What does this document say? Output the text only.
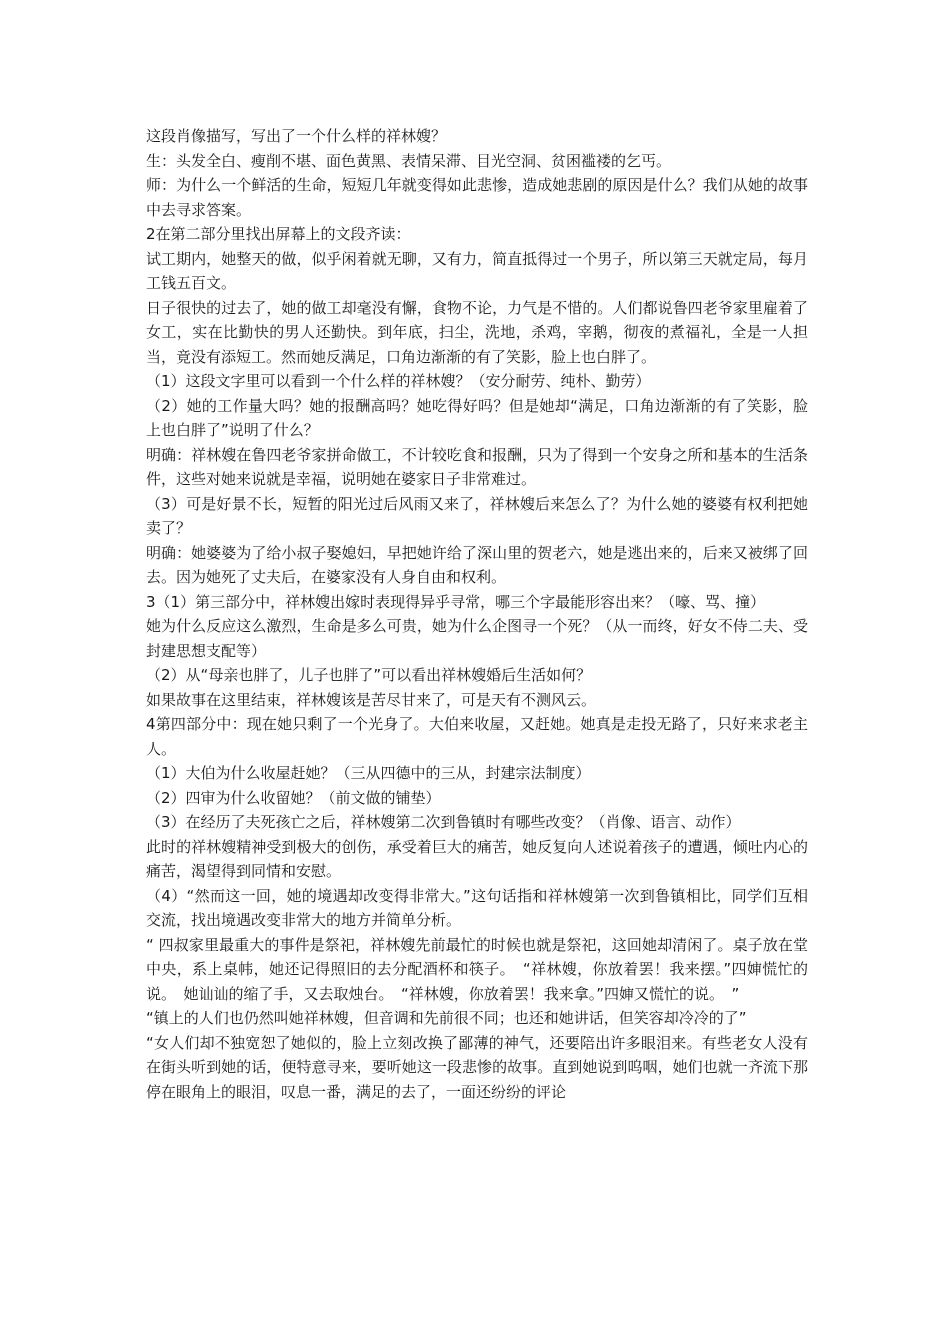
这段肖像描写，写出了一个什么样的祥林嫂？

生：头发全白、瘦削不堪、面色黄黑、表情呆滞、目光空洞、贫困褴褛的乞丐。

师：为什么一个鲜活的生命，短短几年就变得如此悲惨，造成她悲剧的原因是什么？我们从她的故事中去寻求答案。

2在第二部分里找出屏幕上的文段齐读：

试工期内，她整天的做，似乎闲着就无聊，又有力，简直抵得过一个男子，所以第三天就定局，每月工钱五百文。

日子很快的过去了，她的做工却毫没有懈，食物不论，力气是不惜的。人们都说鲁四老爷家里雇着了女工，实在比勤快的男人还勤快。到年底，扫尘，洗地，杀鸡，宰鹅，彻夜的煮福礼，全是一人担当，竟没有添短工。然而她反满足，口角边渐渐的有了笑影，脸上也白胖了。

（1）这段文字里可以看到一个什么样的祥林嫂？（安分耐劳、纯朴、勤劳）

（2）她的工作量大吗？她的报酬高吗？她吃得好吗？但是她却“满足，口角边渐渐的有了笑影，脸上也白胖了”说明了什么？

明确：祥林嫂在鲁四老爷家拼命做工，不计较吃食和报酬，只为了得到一个安身之所和基本的生活条件，这些对她来说就是幸福，说明她在婆家日子非常难过。

（3）可是好景不长，短暂的阳光过后风雨又来了，祥林嫂后来怎么了？为什么她的婆婆有权利把她卖了？

明确：她婆婆为了给小叔子娶媳妇，早把她许给了深山里的贺老六，她是逃出来的，后来又被绑了回去。因为她死了丈夫后，在婆家没有人身自由和权利。

3（1）第三部分中，祥林嫂出嫁时表现得异乎寻常，哪三个字最能形容出来？（嚎、骂、撞）

她为什么反应这么激烈，生命是多么可贵，她为什么企图寻一个死？（从一而终，好女不侍二夫、受封建思想支配等）

（2）从“母亲也胖了，儿子也胖了”可以看出祥林嫂婚后生活如何？

如果故事在这里结束，祥林嫂该是苦尽甘来了，可是天有不测风云。

4第四部分中：现在她只剩了一个光身了。大伯来收屋，又赶她。她真是走投无路了，只好来求老主人。

（1）大伯为什么收屋赶她？（三从四德中的三从，封建宗法制度）

（2）四审为什么收留她？（前文做的铺垫）

（3）在经历了夫死孩亡之后，祥林嫂第二次到鲁镇时有哪些改变？（肖像、语言、动作）

此时的祥林嫂精神受到极大的创伤，承受着巨大的痛苦，她反复向人述说着孩子的遭遇，倾吐内心的痛苦，渴望得到同情和安慰。

（4）“然而这一回，她的境遇却改变得非常大。”这句话指和祥林嫂第一次到鲁镇相比，同学们互相交流，找出境遇改变非常大的地方并简单分析。

“ 四叔家里最重大的事件是祭祀，祥林嫂先前最忙的时候也就是祭祀，这回她却清闲了。桌子放在堂中央，系上桌帏，她还记得照旧的去分配酒杯和筷子。　“祥林嫂，你放着罢！我来摆。”四婶慌忙的说。　她讪讪的缩了手，又去取烛台。　“祥林嫂，你放着罢！我来拿。”四婶又慌忙的说。　”

“镇上的人们也仍然叫她祥林嫂，但音调和先前很不同；也还和她讲话，但笑容却冷冷的了”

“女人们却不独宽恕了她似的，脸上立刻改换了鄙薄的神气，还要陪出许多眼泪来。有些老女人没有在街头听到她的话，便特意寻来，要听她这一段悲惨的故事。直到她说到呜咽，她们也就一齐流下那停在眼角上的眼泪，叹息一番，满足的去了，一面还纷纷的评论
